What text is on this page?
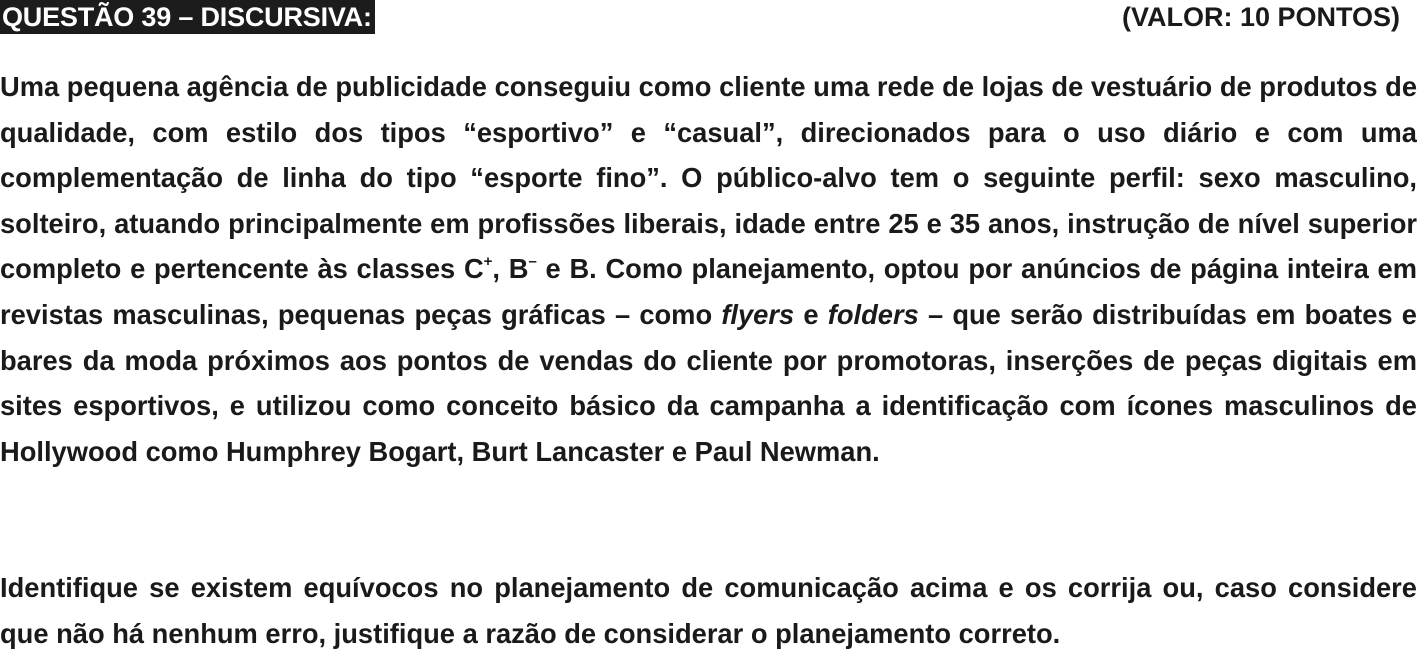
QUESTÃO 39 – DISCURSIVA:	(VALOR: 10 PONTOS)

Uma pequena agência de publicidade conseguiu como cliente uma rede de lojas de vestuário de produtos de qualidade, com estilo dos tipos “esportivo” e “casual”, direcionados para o uso diário e com uma complementação de linha do tipo “esporte fino”. O público-alvo tem o seguinte perfil: sexo masculino, solteiro, atuando principalmente em profissões liberais, idade entre 25 e 35 anos, instrução de nível superior completo e pertencente às classes C+, B– e B. Como planejamento, optou por anúncios de página inteira em revistas masculinas, pequenas peças gráficas – como flyers e folders – que serão distribuídas em boates e bares da moda próximos aos pontos de vendas do cliente por promotoras, inserções de peças digitais em sites esportivos, e utilizou como conceito básico da campanha a identificação com ícones masculinos de Hollywood como Humphrey Bogart, Burt Lancaster e Paul Newman.

Identifique se existem equívocos no planejamento de comunicação acima e os corrija ou, caso considere que não há nenhum erro, justifique a razão de considerar o planejamento correto.
